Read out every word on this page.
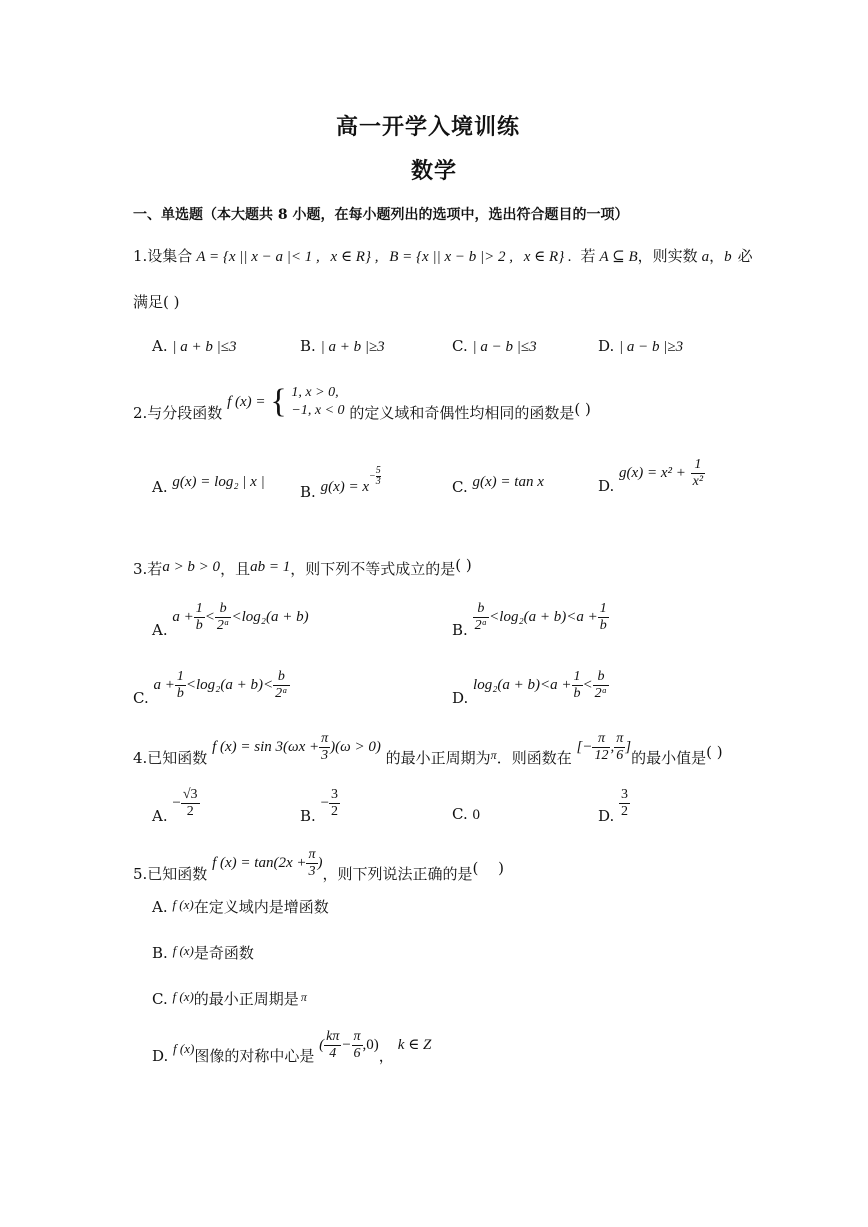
高一开学入境训练
数学
一、单选题（本大题共 8 小题，在每小题列出的选项中，选出符合题目的一项）
1.设集合 A = {x || x − a |< 1 , x ∈ R} , B = {x || x − b |> 2 , x ∈ R} . 若 A ⊆ B，则实数 a，b 必
满足( )
A. | a + b |≤3	B. | a + b |≥3	C. | a − b |≤3	D. | a − b |≥3
2.与分段函数 f (x) = { 1, x > 0,
−1, x < 0 的定义域和奇偶性均相同的函数是( )
A. g(x) = log₂ | x |
B. $g(x) = x- \frac{5}{3}$	C. g(x) = tan x	D. $g(x) = x^2 + \frac{1}{\text{x²}}$
3.若a > b > 0，且ab = 1，则下列不等式成立的是( )
A. $a + \frac{1}{b} < \frac{b}{\text{2ᵃ}} <\log_2(a + b)$
B. $\frac{b}{\text{2ᵃ}} <\log_2(a + b)<a + \frac{1}{b}$
C. $a + \frac{1}{b} <\log_2(a + b)< \frac{b}{\text{2ᵃ}}$	D. $\log_2(a + b)<a + \frac{1}{b} < \frac{b}{\text{2ᵃ}}$
4.已知函数 f $(x) = \sin 3(\omega x + \frac{\pi}{3} )(\omega > 0)$ 的最小正周期为$_\pi$．则函数在 [− $\frac{\pi}{12}$ , $\frac{\pi}{6}$ ]的最小值是( )
A. − $\frac{√3}{2}$	B. − $\frac{3}{2}$	C. 0	D. $\frac{3}{2}$
5.已知函数 f $(x) = \tan(2x + \frac{\pi}{3}$ )，则下列说法正确的是(　 )
A. f (x)在定义域内是增函数
B. f (x)是奇函数
C. f (x)的最小正周期是 $^\pi$
D. f (x)图像的对称中心是 ( $\frac{k\pi}{4} - \frac{\pi}{6} ,0$)，k ∈ Z
